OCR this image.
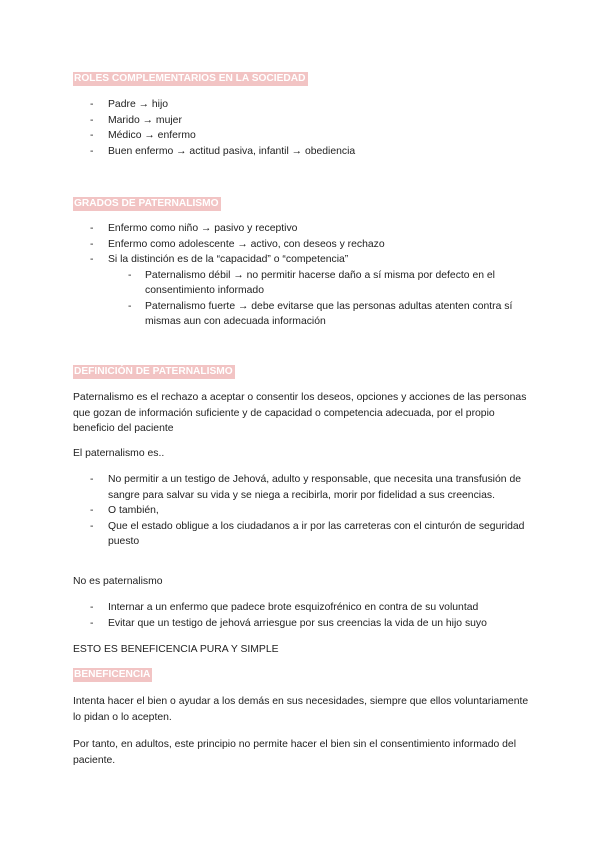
ROLES COMPLEMENTARIOS EN LA SOCIEDAD
- Padre → hijo
- Marido → mujer
- Médico → enfermo
- Buen enfermo → actitud pasiva, infantil → obediencia
GRADOS DE PATERNALISMO
- Enfermo como niño → pasivo y receptivo
- Enfermo como adolescente → activo, con deseos y rechazo
- Si la distinción es de la “capacidad” o “competencia”
- Paternalismo débil → no permitir hacerse daño a sí misma por defecto en el consentimiento informado
- Paternalismo fuerte → debe evitarse que las personas adultas atenten contra sí mismas aun con adecuada información
DEFINICIÓN DE PATERNALISMO

Paternalismo es el rechazo a aceptar o consentir los deseos, opciones y acciones de las personas que gozan de información suficiente y de capacidad o competencia adecuada, por el propio beneficio del paciente

El paternalismo es..

- No permitir a un testigo de Jehová, adulto y responsable, que necesita una transfusión de sangre para salvar su vida y se niega a recibirla, morir por fidelidad a sus creencias.
- O también,
- Que el estado obligue a los ciudadanos a ir por las carreteras con el cinturón de seguridad puesto

No es paternalismo

- Internar a un enfermo que padece brote esquizofrénico en contra de su voluntad
- Evitar que un testigo de jehová arriesgue por sus creencias la vida de un hijo suyo

ESTO ES BENEFICENCIA PURA Y SIMPLE

BENEFICENCIA

Intenta hacer el bien o ayudar a los demás en sus necesidades, siempre que ellos voluntariamente lo pidan o lo acepten.

Por tanto, en adultos, este principio no permite hacer el bien sin el consentimiento informado del paciente.
